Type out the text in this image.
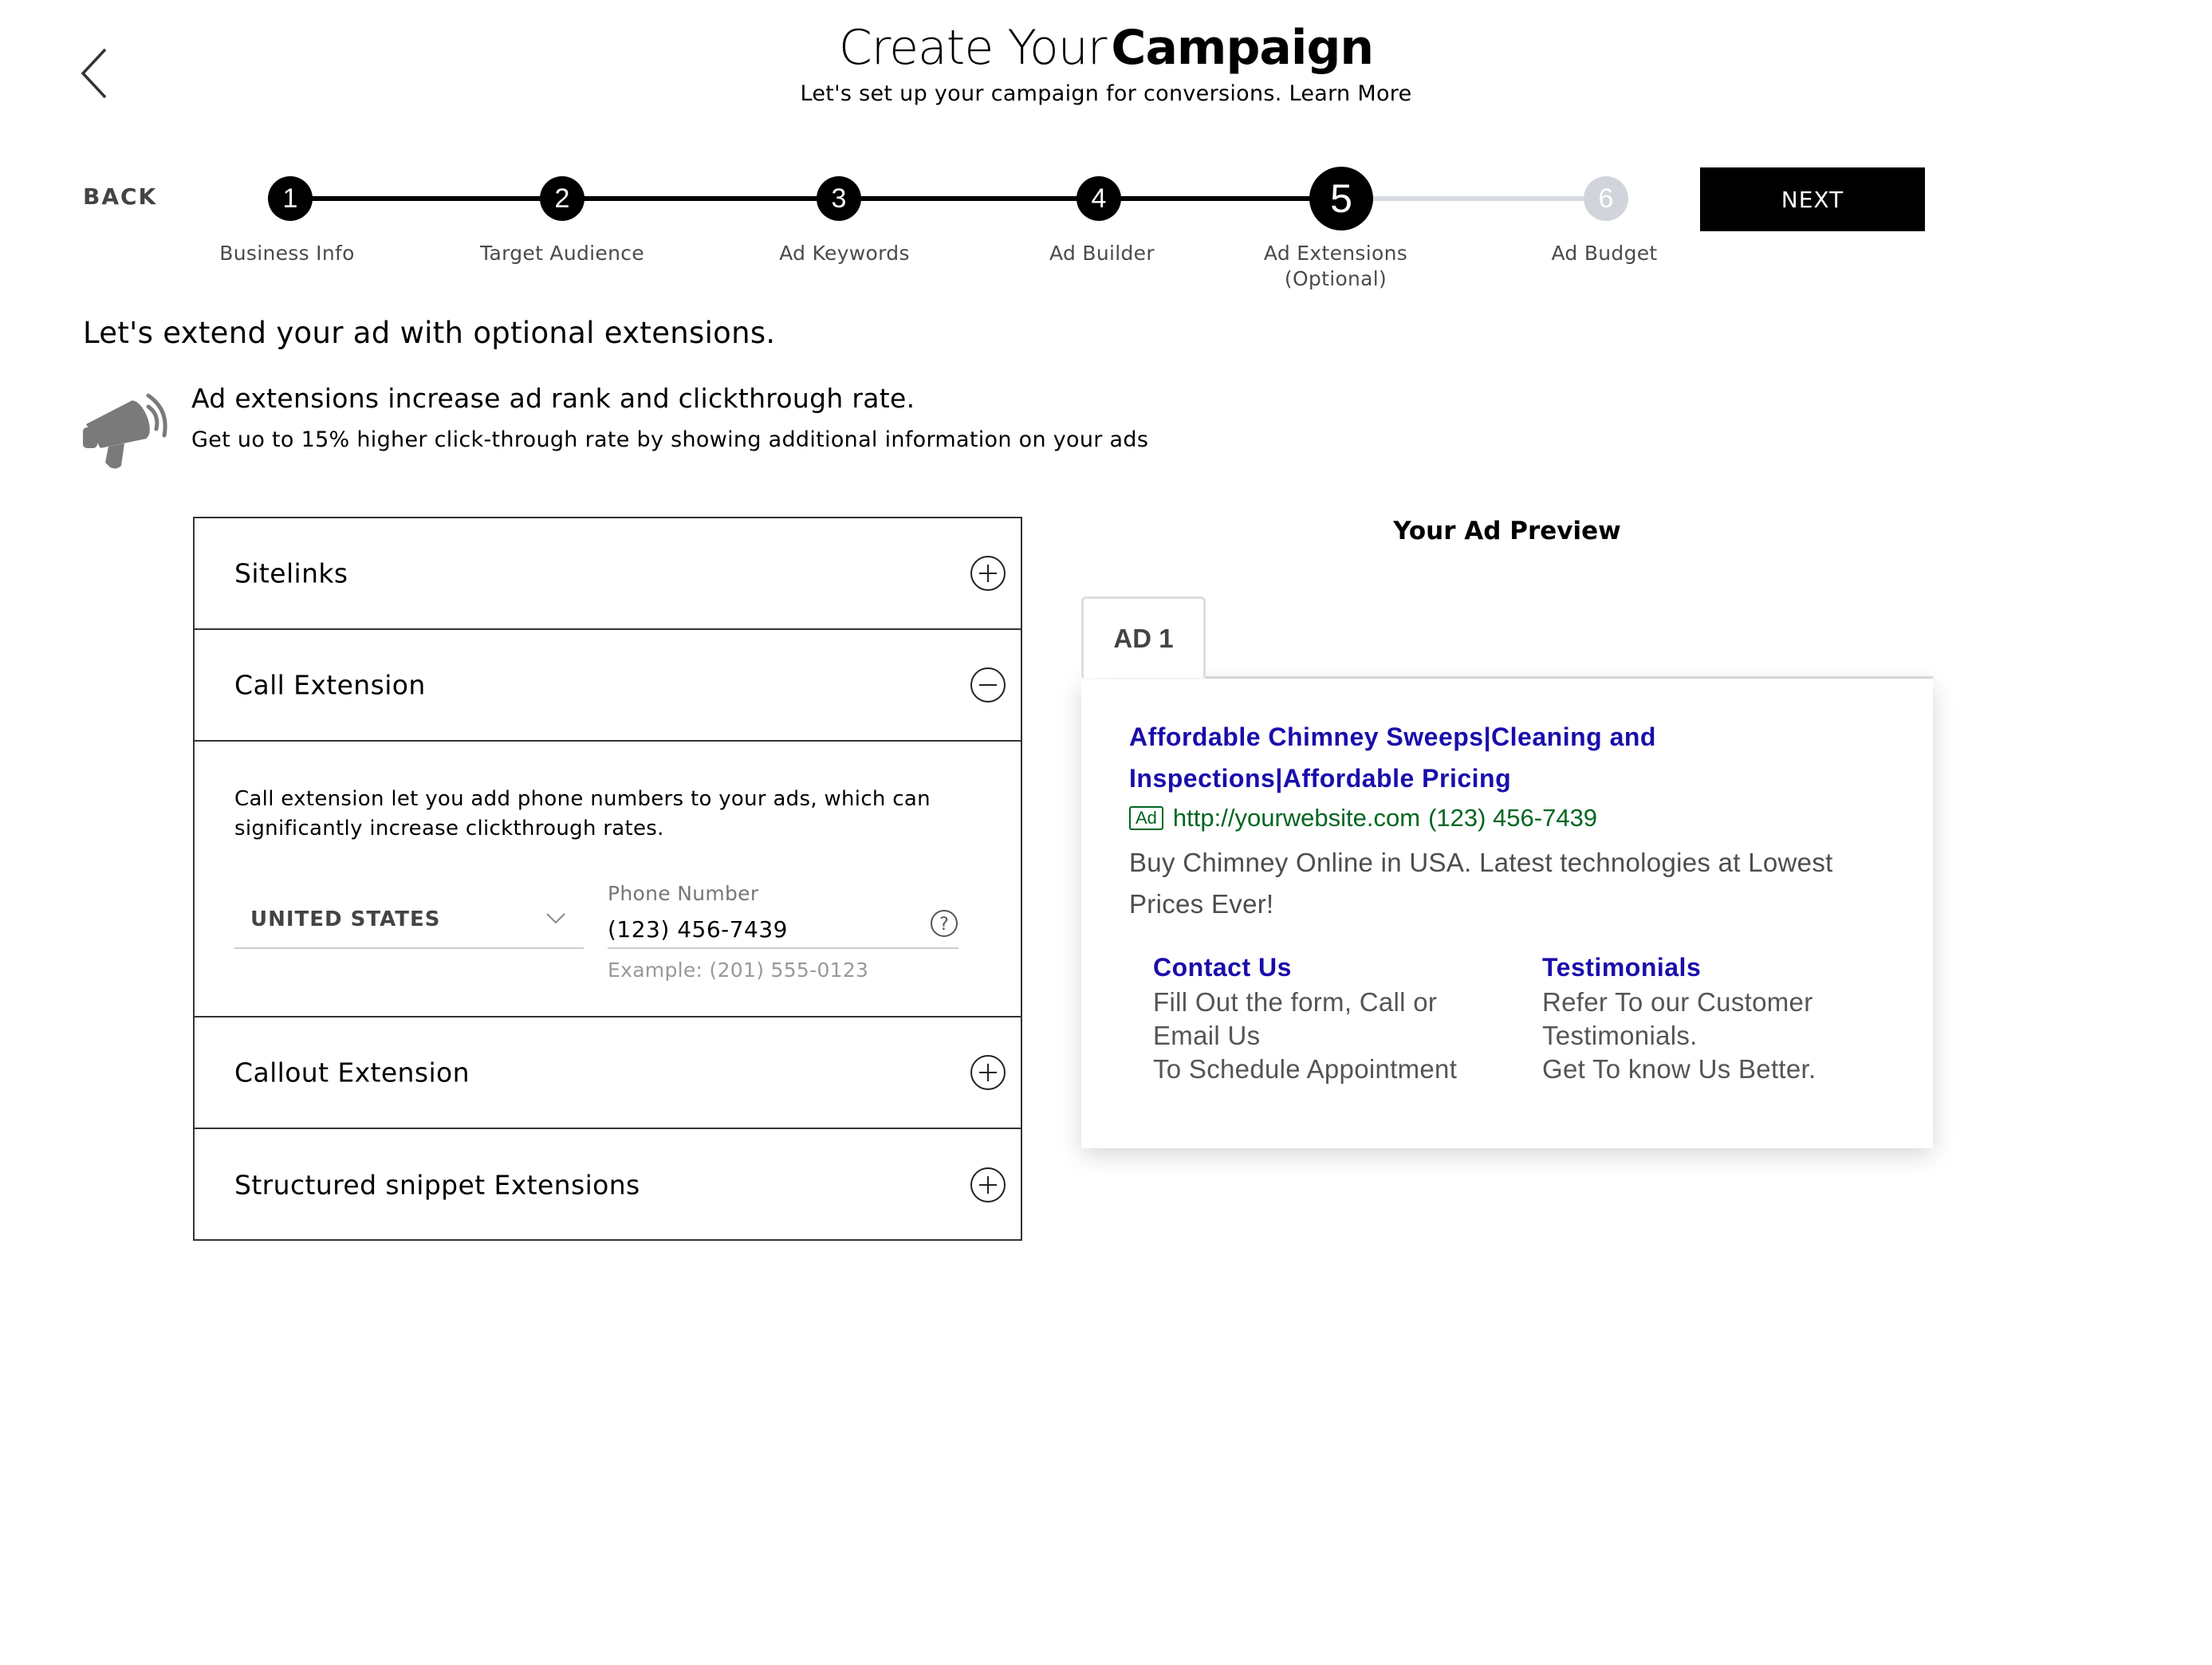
Create Your Campaign
Let's set up your campaign for conversions. Learn More
BACK	1	2	3	4	5	6
Business Info	Target Audience	Ad Keywords	Ad Builder	Ad Extensions
(Optional)
Ad Budget
NEXT
Let's extend your ad with optional extensions.
Ad extensions increase ad rank and clickthrough rate.
Get uo to 15% higher click-through rate by showing additional information on your ads
Sitelinks
Call Extension
Call extension let you add phone numbers to your ads, which can significantly increase clickthrough rates.
UNITED STATES
Phone Number
(123) 456-7439
?
Example: (201) 555-0123
Callout Extension
Structured snippet Extensions
Your Ad Preview
AD 1
Affordable Chimney Sweeps|Cleaning and Inspections|Affordable Pricing
Ad http://yourwebsite.com (123) 456-7439
Buy Chimney Online in USA. Latest technologies at Lowest Prices Ever!
Contact Us
Fill Out the form, Call or
Email Us
To Schedule Appointment
Testimonials
Refer To our Customer
Testimonials.
Get To know Us Better.
